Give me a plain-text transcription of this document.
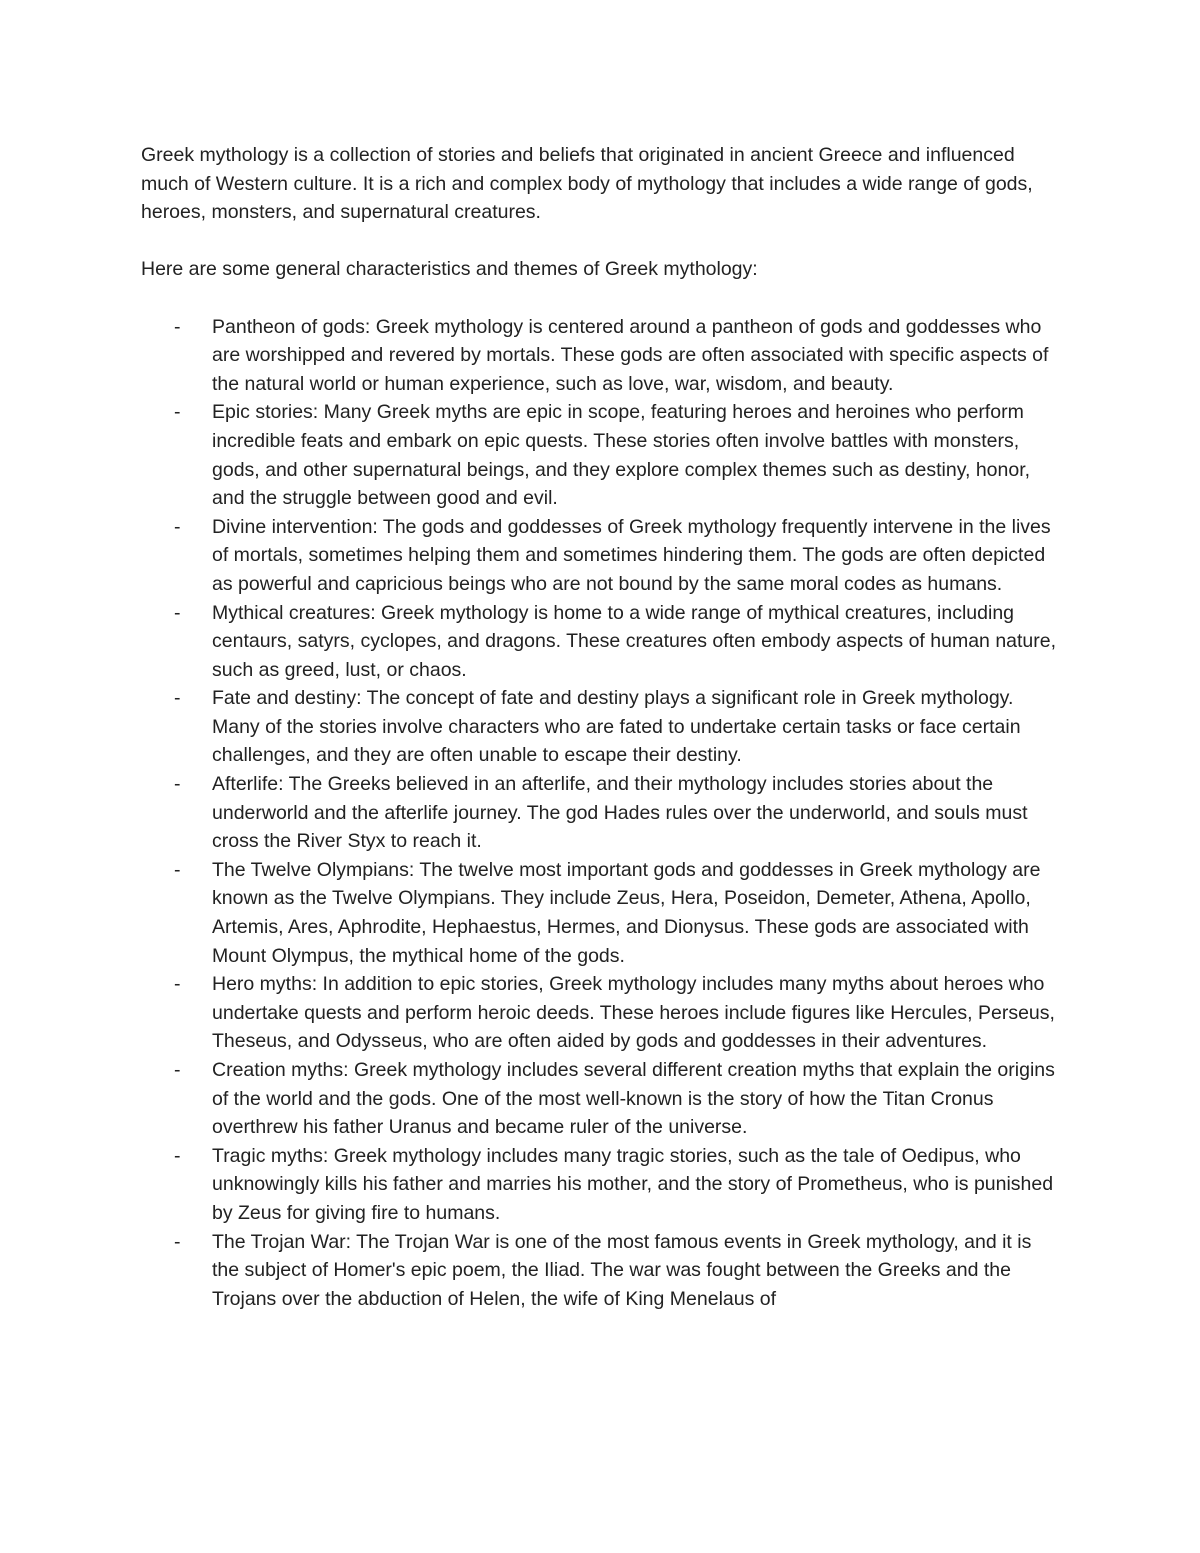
Greek mythology is a collection of stories and beliefs that originated in ancient Greece and influenced much of Western culture. It is a rich and complex body of mythology that includes a wide range of gods, heroes, monsters, and supernatural creatures.

Here are some general characteristics and themes of Greek mythology:

- Pantheon of gods: Greek mythology is centered around a pantheon of gods and goddesses who are worshipped and revered by mortals. These gods are often associated with specific aspects of the natural world or human experience, such as love, war, wisdom, and beauty.
- Epic stories: Many Greek myths are epic in scope, featuring heroes and heroines who perform incredible feats and embark on epic quests. These stories often involve battles with monsters, gods, and other supernatural beings, and they explore complex themes such as destiny, honor, and the struggle between good and evil.
- Divine intervention: The gods and goddesses of Greek mythology frequently intervene in the lives of mortals, sometimes helping them and sometimes hindering them. The gods are often depicted as powerful and capricious beings who are not bound by the same moral codes as humans.
- Mythical creatures: Greek mythology is home to a wide range of mythical creatures, including centaurs, satyrs, cyclopes, and dragons. These creatures often embody aspects of human nature, such as greed, lust, or chaos.
- Fate and destiny: The concept of fate and destiny plays a significant role in Greek mythology. Many of the stories involve characters who are fated to undertake certain tasks or face certain challenges, and they are often unable to escape their destiny.
- Afterlife: The Greeks believed in an afterlife, and their mythology includes stories about the underworld and the afterlife journey. The god Hades rules over the underworld, and souls must cross the River Styx to reach it.
- The Twelve Olympians: The twelve most important gods and goddesses in Greek mythology are known as the Twelve Olympians. They include Zeus, Hera, Poseidon, Demeter, Athena, Apollo, Artemis, Ares, Aphrodite, Hephaestus, Hermes, and Dionysus. These gods are associated with Mount Olympus, the mythical home of the gods.
- Hero myths: In addition to epic stories, Greek mythology includes many myths about heroes who undertake quests and perform heroic deeds. These heroes include figures like Hercules, Perseus, Theseus, and Odysseus, who are often aided by gods and goddesses in their adventures.
- Creation myths: Greek mythology includes several different creation myths that explain the origins of the world and the gods. One of the most well-known is the story of how the Titan Cronus overthrew his father Uranus and became ruler of the universe.
- Tragic myths: Greek mythology includes many tragic stories, such as the tale of Oedipus, who unknowingly kills his father and marries his mother, and the story of Prometheus, who is punished by Zeus for giving fire to humans.
- The Trojan War: The Trojan War is one of the most famous events in Greek mythology, and it is the subject of Homer's epic poem, the Iliad. The war was fought between the Greeks and the Trojans over the abduction of Helen, the wife of King Menelaus of
